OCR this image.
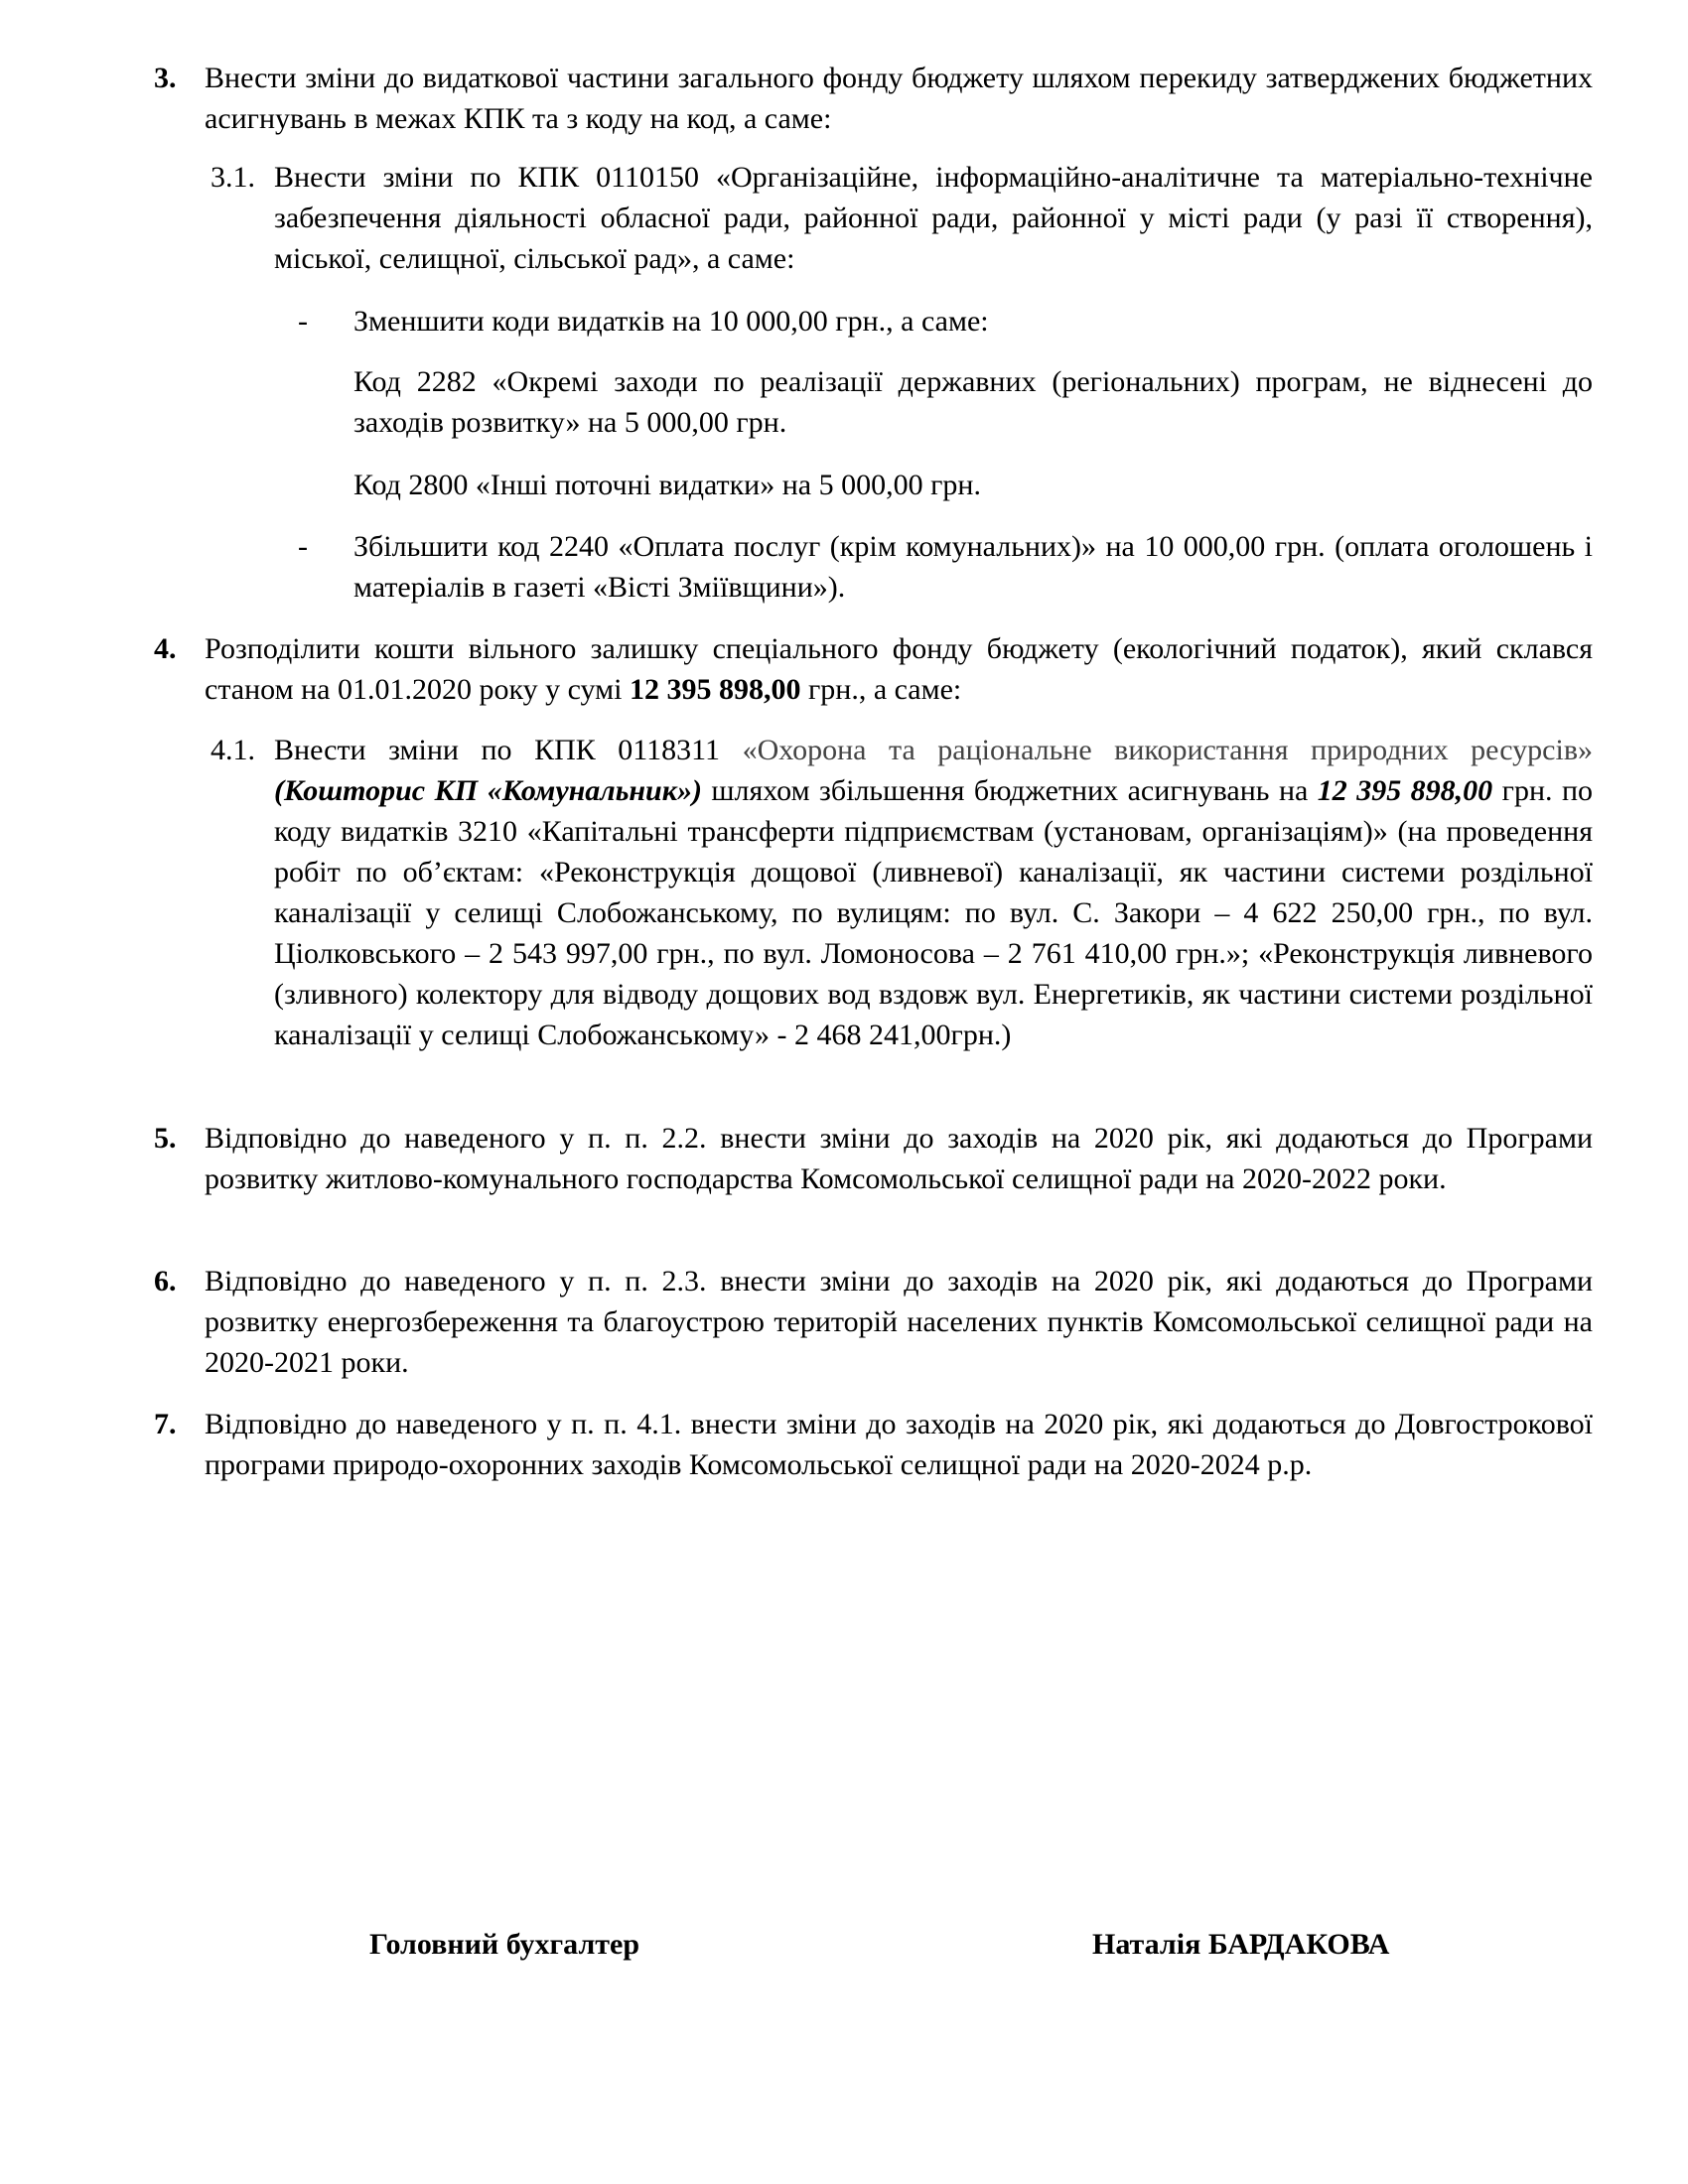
3. Внести зміни до видаткової частини загального фонду бюджету шляхом перекиду затверджених бюджетних асигнувань в межах КПК та з коду на код, а саме:

3.1. Внести зміни по КПК 0110150 «Організаційне, інформаційно-аналітичне та матеріально-технічне забезпечення діяльності обласної ради, районної ради, районної у місті ради (у разі її створення), міської, селищної, сільської рад», а саме:

- Зменшити коди видатків на 10 000,00 грн., а саме:

Код 2282 «Окремі заходи по реалізації державних (регіональних) програм, не віднесені до заходів розвитку» на 5 000,00 грн.

Код 2800 «Інші поточні видатки» на 5 000,00 грн.

- Збільшити код 2240 «Оплата послуг (крім комунальних)» на 10 000,00 грн. (оплата оголошень і матеріалів в газеті «Вісті Зміївщини»).

4. Розподілити кошти вільного залишку спеціального фонду бюджету (екологічний податок), який склався станом на 01.01.2020 року у сумі 12 395 898,00 грн., а саме:

4.1. Внести зміни по КПК 0118311 «Охорона та раціональне використання природних ресурсів» (Кошторис КП «Комунальник») шляхом збільшення бюджетних асигнувань на 12 395 898,00 грн. по коду видатків 3210 «Капітальні трансферти підприємствам (установам, організаціям)» (на проведення робіт по об’єктам: «Реконструкція дощової (ливневої) каналізації, як частини системи роздільної каналізації у селищі Слобожанському, по вулицям: по вул. С. Закори – 4 622 250,00 грн., по вул. Ціолковського – 2 543 997,00 грн., по вул. Ломоносова – 2 761 410,00 грн.»; «Реконструкція ливневого (зливного) колектору для відводу дощових вод вздовж вул. Енергетиків, як частини системи роздільної каналізації у селищі Слобожанському» - 2 468 241,00грн.)

5. Відповідно до наведеного у п. п. 2.2. внести зміни до заходів на 2020 рік, які додаються до Програми розвитку житлово-комунального господарства Комсомольської селищної ради на 2020-2022 роки.

6. Відповідно до наведеного у п. п. 2.3. внести зміни до заходів на 2020 рік, які додаються до Програми розвитку енергозбереження та благоустрою територій населених пунктів Комсомольської селищної ради на 2020-2021 роки.

7. Відповідно до наведеного у п. п. 4.1. внести зміни до заходів на 2020 рік, які додаються до Довгострокової програми природо-охоронних заходів Комсомольської селищної ради на 2020-2024 р.р.

Головний бухгалтер	Наталія БАРДАКОВА
